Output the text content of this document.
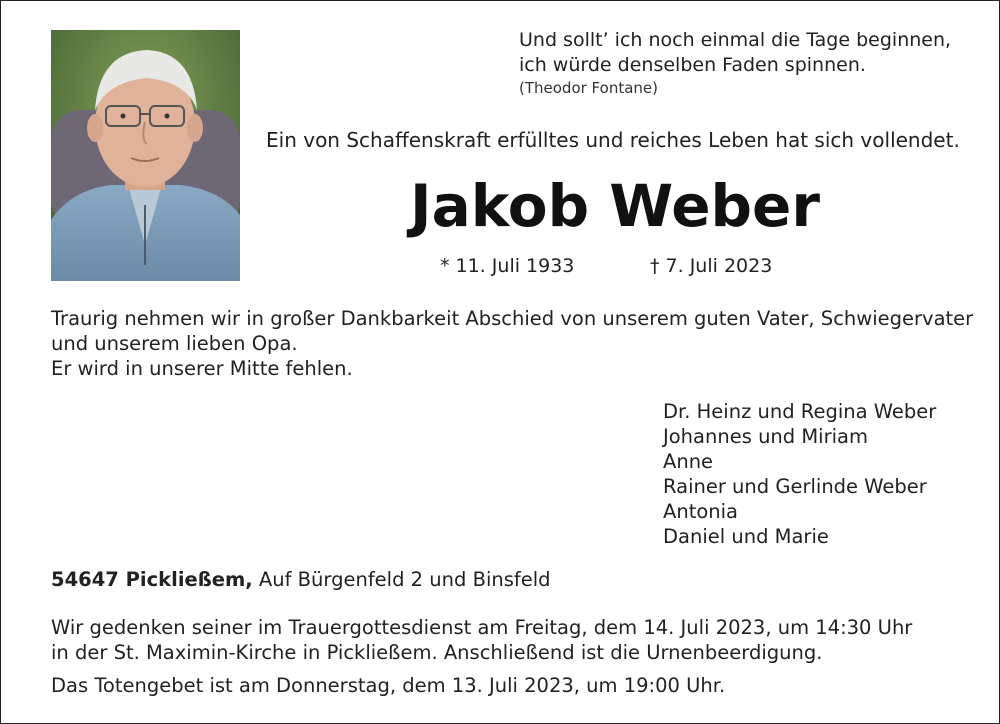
Und sollt’ ich noch einmal die Tage beginnen,
ich würde denselben Faden spinnen.
(Theodor Fontane)
Ein von Schaffenskraft erfülltes und reiches Leben hat sich vollendet.
Jakob Weber
* 11. Juli 1933	† 7. Juli 2023
Traurig nehmen wir in großer Dankbarkeit Abschied von unserem guten Vater, Schwiegervater
und unserem lieben Opa.
Er wird in unserer Mitte fehlen.
Dr. Heinz und Regina Weber
Johannes und Miriam
Anne
Rainer und Gerlinde Weber
Antonia
Daniel und Marie
54647 Pickließem, Auf Bürgenfeld 2 und Binsfeld
Wir gedenken seiner im Trauergottesdienst am Freitag, dem 14. Juli 2023, um 14:30 Uhr
in der St. Maximin-Kirche in Pickließem. Anschließend ist die Urnenbeerdigung.
Das Totengebet ist am Donnerstag, dem 13. Juli 2023, um 19:00 Uhr.
